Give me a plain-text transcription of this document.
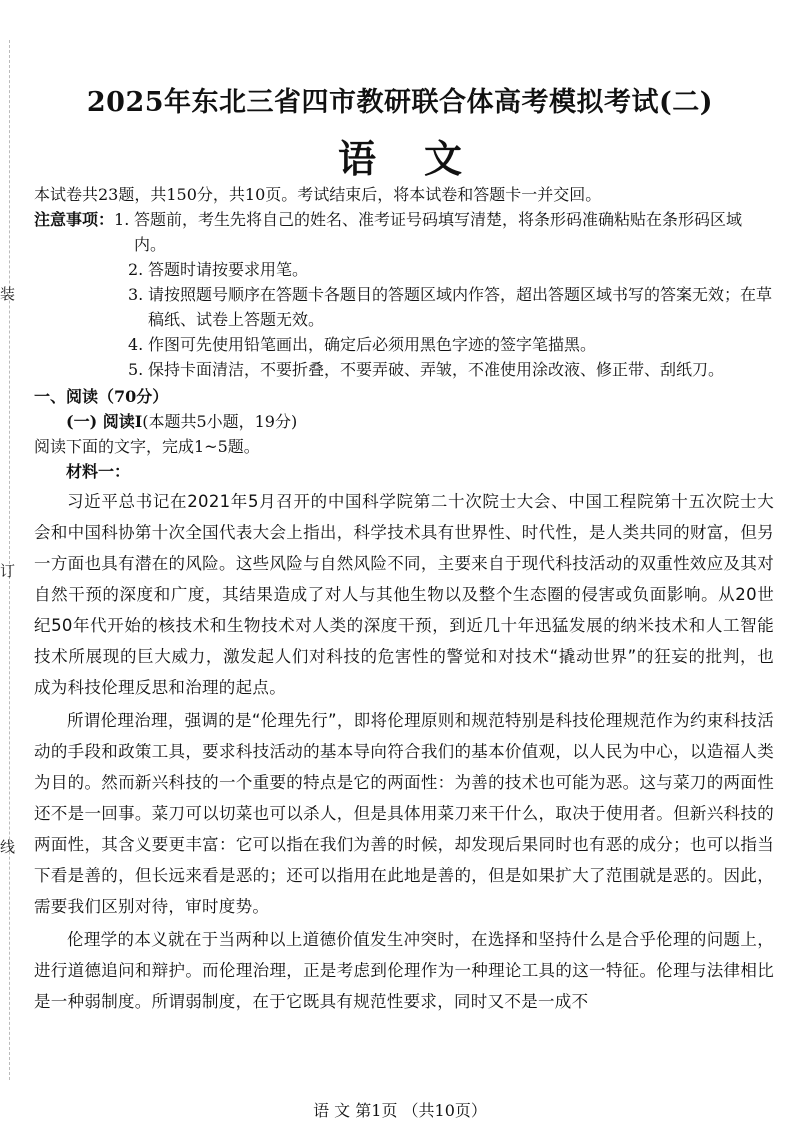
装
订
线
2025年东北三省四市教研联合体高考模拟考试(二)
语文
本试卷共23题，共150分，共10页。考试结束后，将本试卷和答题卡一并交回。
注意事项： 1. 答题前，考生先将自己的姓名、准考证号码填写清楚，将条形码准确粘贴在条形码区域内。
2. 答题时请按要求用笔。
3. 请按照题号顺序在答题卡各题目的答题区域内作答，超出答题区域书写的答案无效；在草稿纸、试卷上答题无效。
4. 作图可先使用铅笔画出，确定后必须用黑色字迹的签字笔描黑。
5. 保持卡面清洁，不要折叠，不要弄破、弄皱，不准使用涂改液、修正带、刮纸刀。
一、阅读（70分）
(一) 阅读Ⅰ(本题共5小题，19分)
阅读下面的文字，完成1~5题。
材料一：
习近平总书记在2021年5月召开的中国科学院第二十次院士大会、中国工程院第十五次院士大会和中国科协第十次全国代表大会上指出，科学技术具有世界性、时代性，是人类共同的财富，但另一方面也具有潜在的风险。这些风险与自然风险不同，主要来自于现代科技活动的双重性效应及其对自然干预的深度和广度，其结果造成了对人与其他生物以及整个生态圈的侵害或负面影响。从20世纪50年代开始的核技术和生物技术对人类的深度干预，到近几十年迅猛发展的纳米技术和人工智能技术所展现的巨大威力，激发起人们对科技的危害性的警觉和对技术“撬动世界”的狂妄的批判，也成为科技伦理反思和治理的起点。
所谓伦理治理，强调的是“伦理先行”，即将伦理原则和规范特别是科技伦理规范作为约束科技活动的手段和政策工具，要求科技活动的基本导向符合我们的基本价值观，以人民为中心，以造福人类为目的。然而新兴科技的一个重要的特点是它的两面性：为善的技术也可能为恶。这与菜刀的两面性还不是一回事。菜刀可以切菜也可以杀人，但是具体用菜刀来干什么，取决于使用者。但新兴科技的两面性，其含义要更丰富：它可以指在我们为善的时候，却发现后果同时也有恶的成分；也可以指当下看是善的，但长远来看是恶的；还可以指用在此地是善的，但是如果扩大了范围就是恶的。因此，需要我们区别对待，审时度势。
伦理学的本义就在于当两种以上道德价值发生冲突时，在选择和坚持什么是合乎伦理的问题上，进行道德追问和辩护。而伦理治理，正是考虑到伦理作为一种理论工具的这一特征。伦理与法律相比是一种弱制度。所谓弱制度，在于它既具有规范性要求，同时又不是一成不
语 文 第1页 （共10页）
